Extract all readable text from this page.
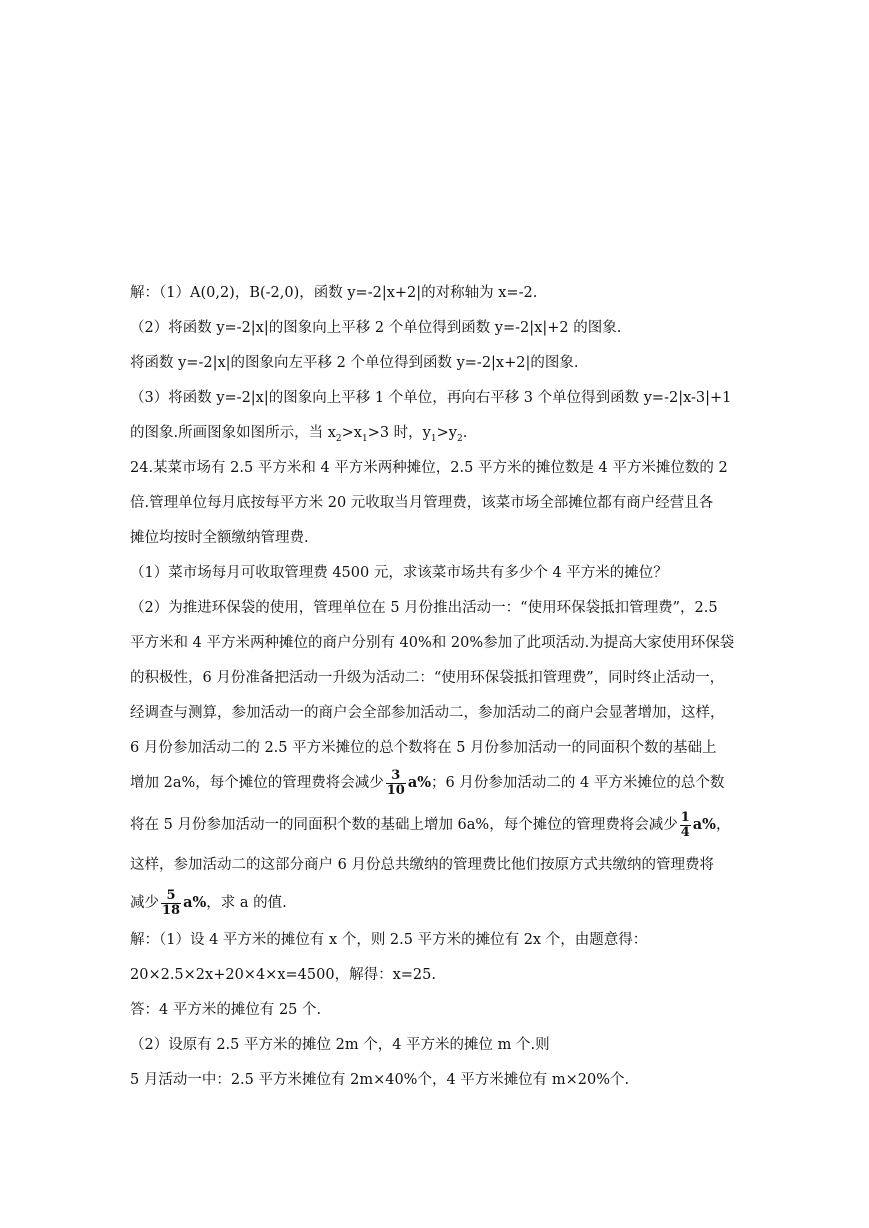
解：（1）A(0,2)，B(-2,0)，函数 y=-2|x+2|的对称轴为 x=-2.
（2）将函数 y=-2|x|的图象向上平移 2 个单位得到函数 y=-2|x|+2 的图象.
将函数 y=-2|x|的图象向左平移 2 个单位得到函数 y=-2|x+2|的图象.
（3）将函数 y=-2|x|的图象向上平移 1 个单位，再向右平移 3 个单位得到函数 y=-2|x-3|+1
的图象.所画图象如图所示，当 $x_2>x_1>3$ 时，$y_1>y_2$.
24.某菜市场有 2.5 平方米和 4 平方米两种摊位，2.5 平方米的摊位数是 4 平方米摊位数的 2
倍.管理单位每月底按每平方米 20 元收取当月管理费，该菜市场全部摊位都有商户经营且各
摊位均按时全额缴纳管理费.
（1）菜市场每月可收取管理费 4500 元，求该菜市场共有多少个 4 平方米的摊位？
（2）为推进环保袋的使用，管理单位在 5 月份推出活动一：“使用环保袋抵扣管理费”，2.5
平方米和 4 平方米两种摊位的商户分别有 40%和 20%参加了此项活动.为提高大家使用环保袋
的积极性，6 月份准备把活动一升级为活动二：“使用环保袋抵扣管理费”，同时终止活动一，
经调查与测算，参加活动一的商户会全部参加活动二，参加活动二的商户会显著增加，这样，
6 月份参加活动二的 2.5 平方米摊位的总个数将在 5 月份参加活动一的同面积个数的基础上
增加 2a%，每个摊位的管理费将会减少 $\frac{3}{10} a\%$；6 月份参加活动二的 4 平方米摊位的总个数
将在 5 月份参加活动一的同面积个数的基础上增加 6a%，每个摊位的管理费将会减少 $\frac{1}{4} a\%$，
这样，参加活动二的这部分商户 6 月份总共缴纳的管理费比他们按原方式共缴纳的管理费将
减少 $\frac{5}{18} a\%$，求 a 的值.
解：（1）设 4 平方米的摊位有 x 个，则 2.5 平方米的摊位有 2x 个，由题意得：
20×2.5×2x+20×4×x=4500，解得：x=25.
答：4 平方米的摊位有 25 个.
（2）设原有 2.5 平方米的摊位 2m 个，4 平方米的摊位 m 个.则
5 月活动一中：2.5 平方米摊位有 2m×40%个，4 平方米摊位有 m×20%个.
